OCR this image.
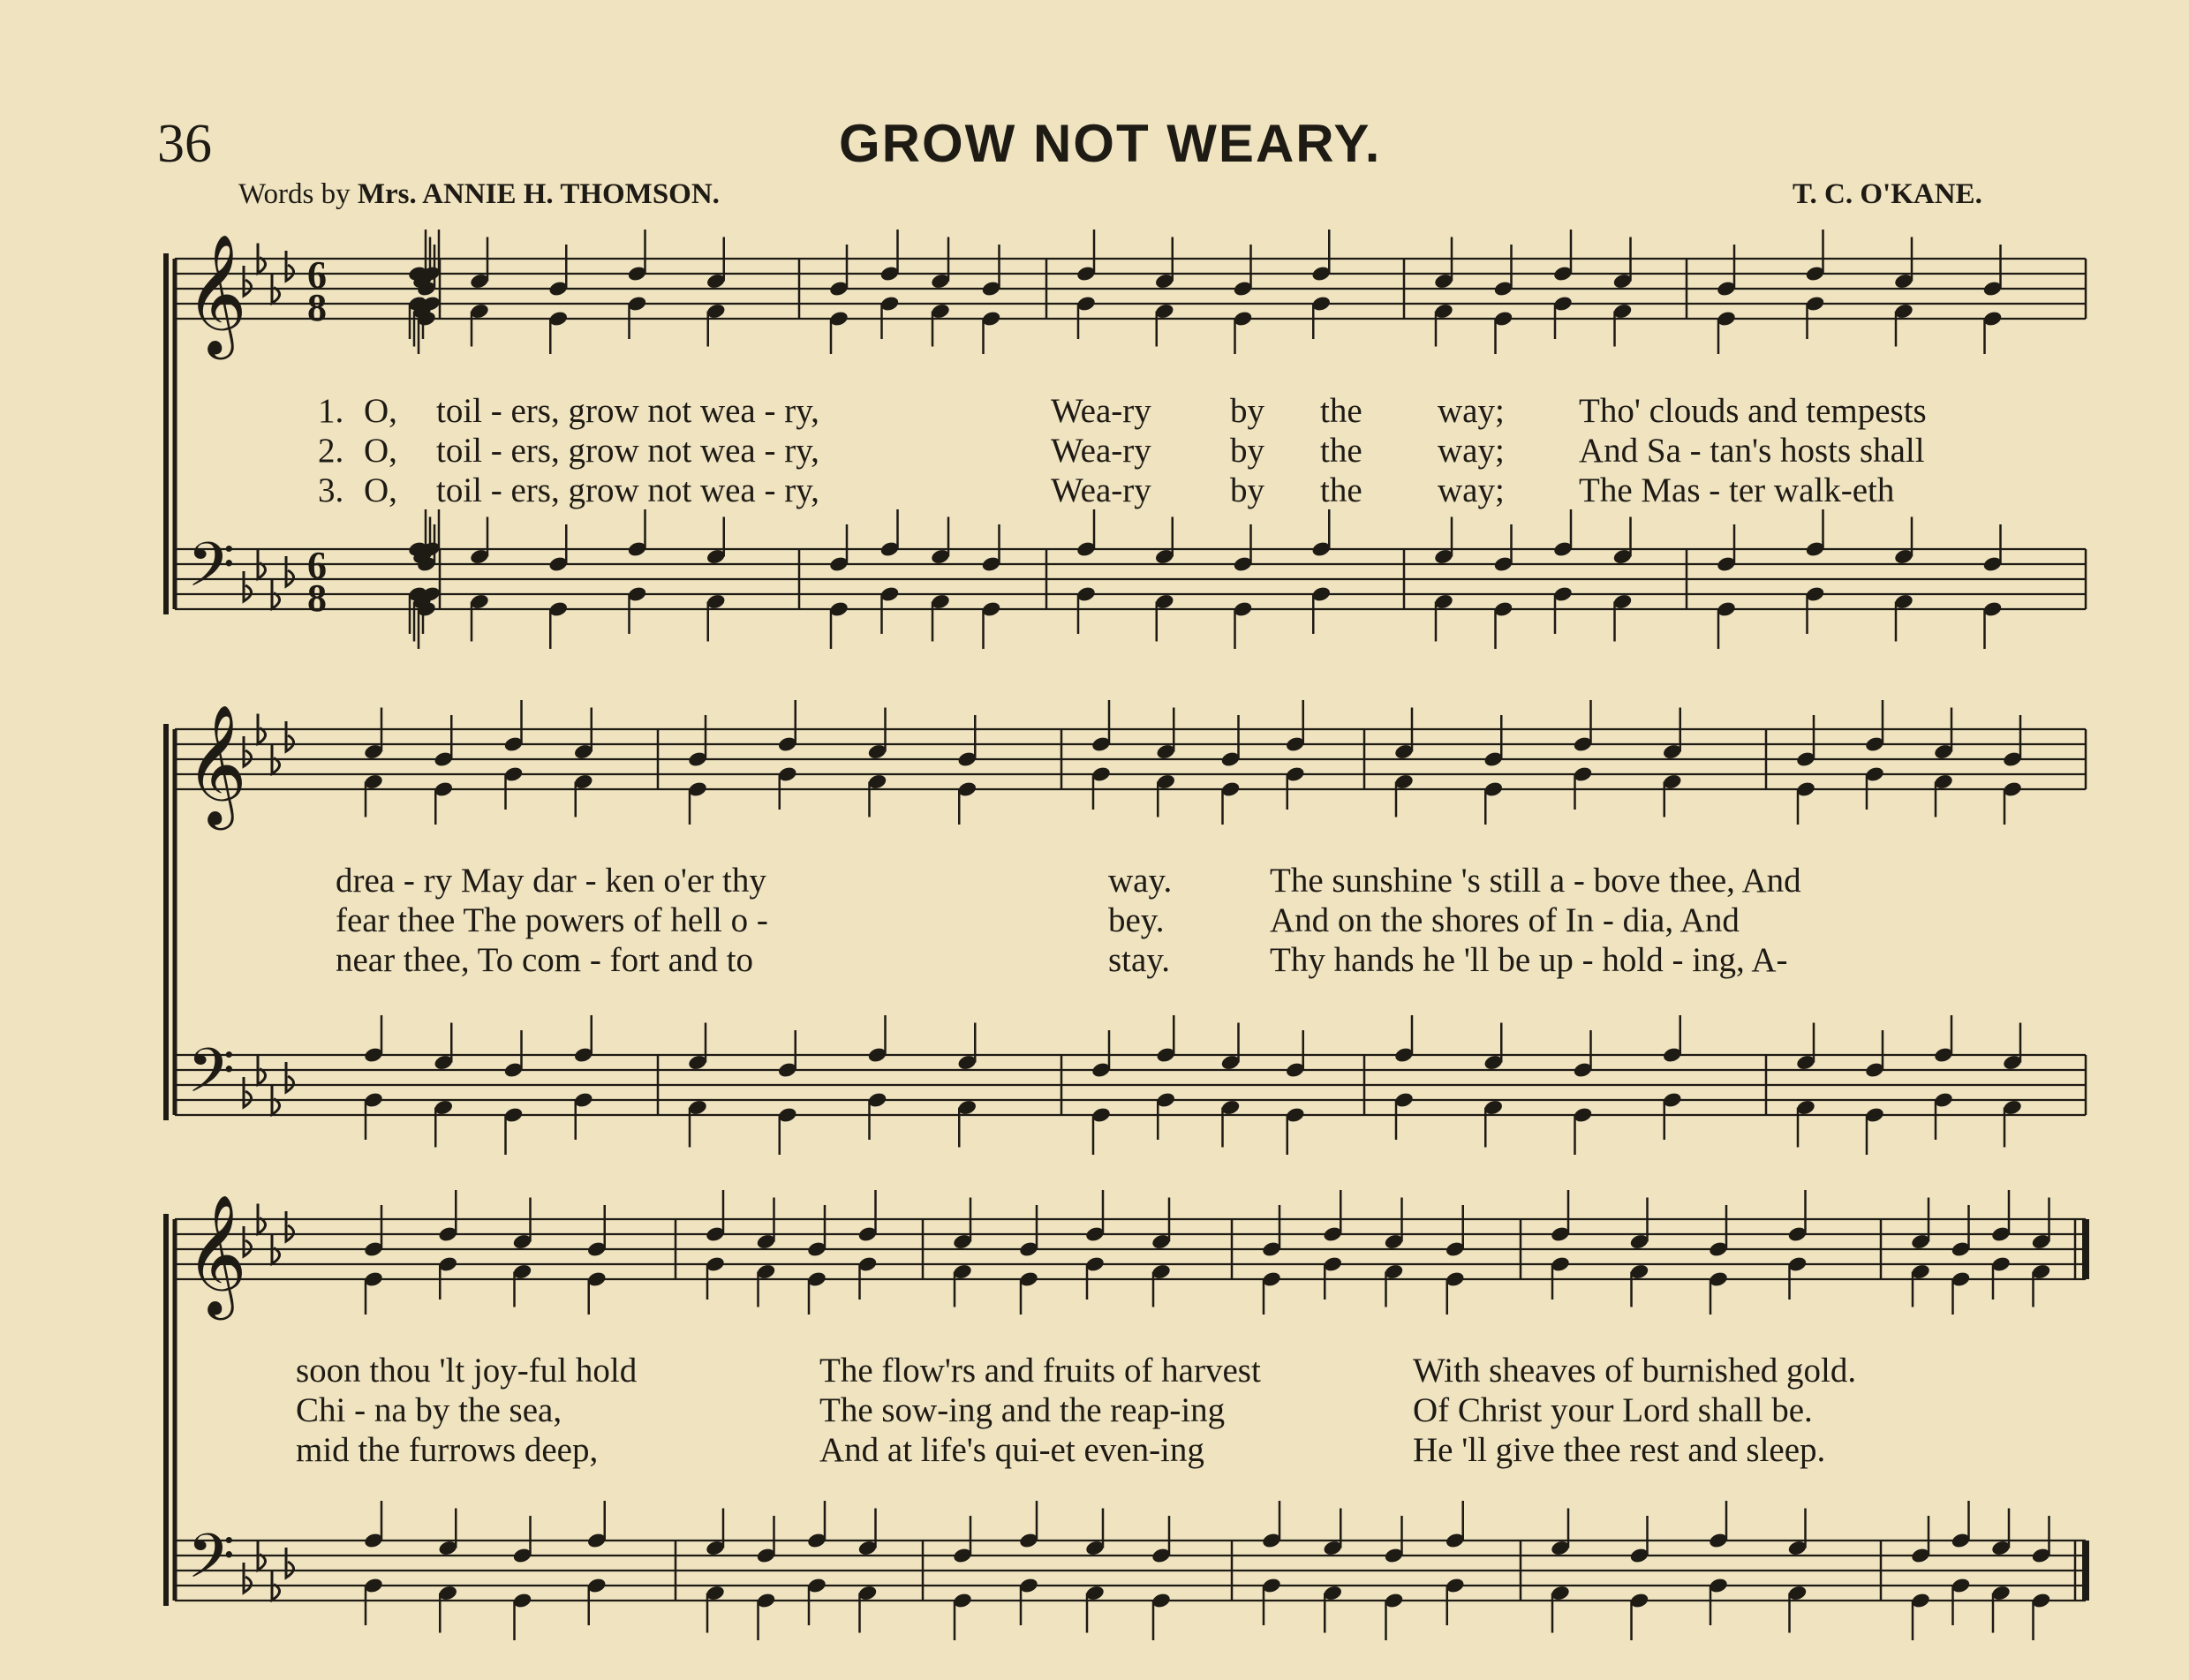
36	GROW NOT WEARY.
Words by Mrs. ANNIE H. THOMSON.	T. C. O'KANE.
𝄞
𝄢
6
8
6
8
𝄞
𝄢
𝄞
𝄢
1. O, toil - ers, grow not wea - ry,	Wea-ry by the way; Tho' clouds and tempests
2. O, toil - ers, grow not wea - ry,	Wea-ry by the way; And Sa - tan's hosts shall
3. O, toil - ers, grow not wea - ry,	Wea-ry by the way; The Mas - ter walk-eth
drea - ry May dar - ken o'er thy	way.	The sunshine 's still a - bove thee, And
fear thee The powers of hell o -	bey.	And on the shores of In - dia, And
near thee, To com - fort and to	stay.	Thy hands he 'll be up - hold - ing, A-
soon thou 'lt joy-ful hold	The flow'rs and fruits of harvest	With sheaves of burnished gold.
Chi - na by the sea,	The sow-ing and the reap-ing	Of Christ your Lord shall be.
mid the furrows deep,	And at life's qui-et even-ing	He 'll give thee rest and sleep.
